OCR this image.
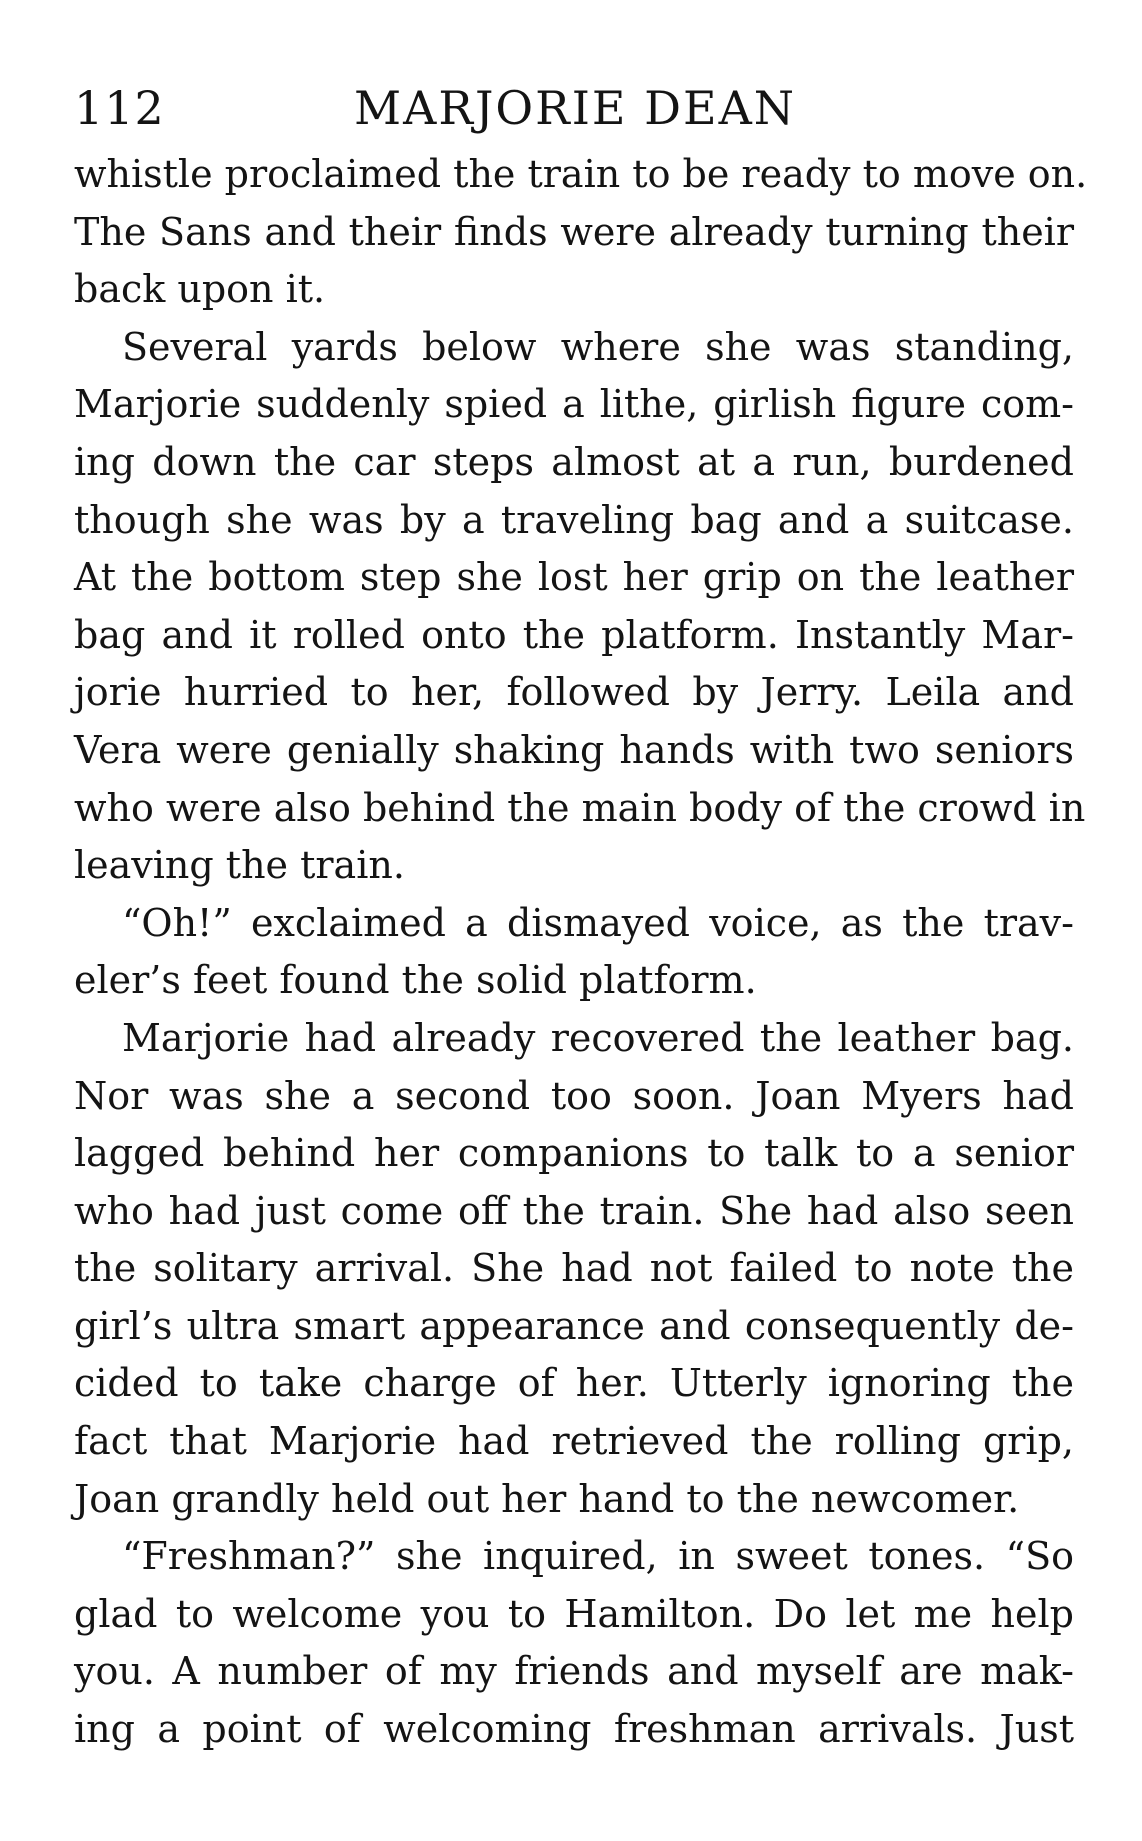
112	MARJORIE DEAN
whistle proclaimed the train to be ready to move on.
The Sans and their finds were already turning their
back upon it.
Several yards below where she was standing,
Marjorie suddenly spied a lithe, girlish figure com-
ing down the car steps almost at a run, burdened
though she was by a traveling bag and a suitcase.
At the bottom step she lost her grip on the leather
bag and it rolled onto the platform. Instantly Mar-
jorie hurried to her, followed by Jerry. Leila and
Vera were genially shaking hands with two seniors
who were also behind the main body of the crowd in
leaving the train.
“Oh!” exclaimed a dismayed voice, as the trav-
eler’s feet found the solid platform.
Marjorie had already recovered the leather bag.
Nor was she a second too soon. Joan Myers had
lagged behind her companions to talk to a senior
who had just come off the train. She had also seen
the solitary arrival. She had not failed to note the
girl’s ultra smart appearance and consequently de-
cided to take charge of her. Utterly ignoring the
fact that Marjorie had retrieved the rolling grip,
Joan grandly held out her hand to the newcomer.
“Freshman?” she inquired, in sweet tones. “So
glad to welcome you to Hamilton. Do let me help
you. A number of my friends and myself are mak-
ing a point of welcoming freshman arrivals. Just
